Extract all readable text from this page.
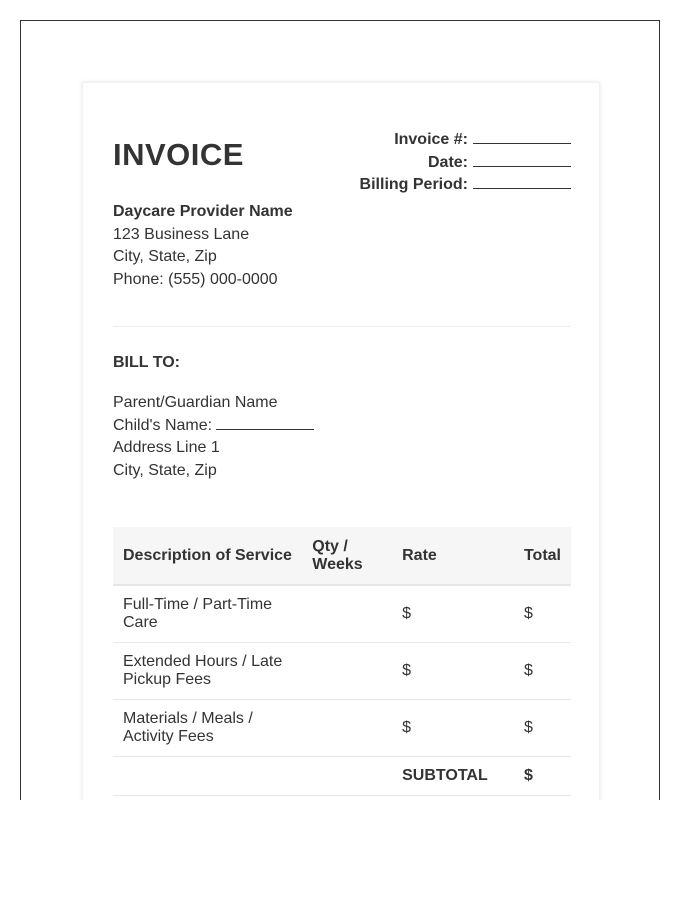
INVOICE	Invoice #:
Date:
Billing Period:
Daycare Provider Name
123 Business Lane
City, State, Zip
Phone: (555) 000-0000
BILL TO:
Parent/Guardian Name
Child's Name:
Address Line 1
City, State, Zip
Description of Service	Qty / Weeks	Rate	Total
Full-Time / Part-Time Care		$	$
Extended Hours / Late Pickup Fees		$	$
Materials / Meals / Activity Fees		$	$
		SUBTOTAL	$
